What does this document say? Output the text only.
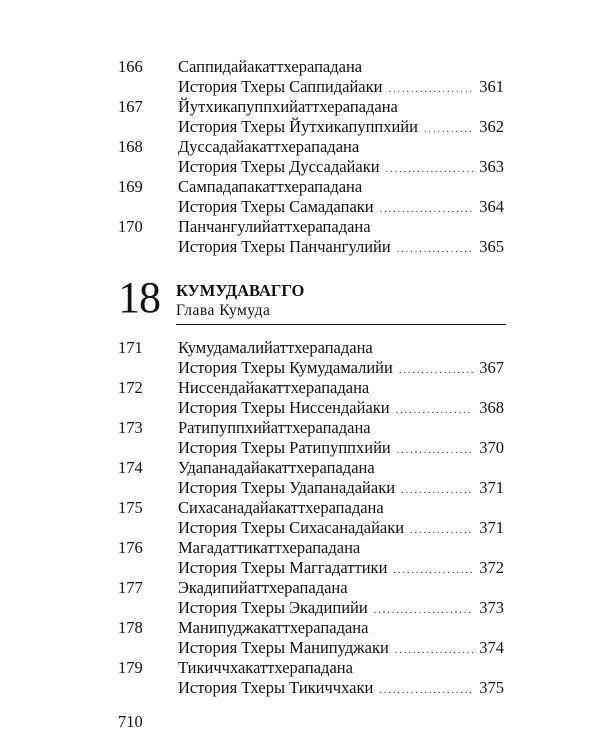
166 Саппидайакаттхерападана
История Тхеры Саппидайаки .....	361
167 Йутхикапуппхийаттхерападана
История Тхеры Йутхикапуппхийи .....	362
168 Дуссадайакаттхерападана
История Тхеры Дуссадайаки .....	363
169 Сампадапакаттхерападана
История Тхеры Самадапаки .....	364
170 Панчангулийаттхерападана
История Тхеры Панчангулийи .....	365
18 КУМУДАВАГГО
Глава Кумуда
171 Кумудамалийаттхерападана
История Тхеры Кумудамалийи .....	367
172 Ниссендайакаттхерападана
История Тхеры Ниссендайаки .....	368
173 Ратипуппхийаттхерападана
История Тхеры Ратипуппхийи .....	370
174 Удапанадайакаттхерападана
История Тхеры Удапанадайаки .....	371
175 Сихасанадайакаттхерападана
История Тхеры Сихасанадайаки .....	371
176 Магадаттикаттхерападана
История Тхеры Маггадаттики .....	372
177 Экадипийаттхерападана
История Тхеры Экадипийи .....	373
178 Манипуджакаттхерападана
История Тхеры Манипуджаки .....	374
179 Тикиччхакаттхерападана
История Тхеры Тикиччхаки .....	375
710
